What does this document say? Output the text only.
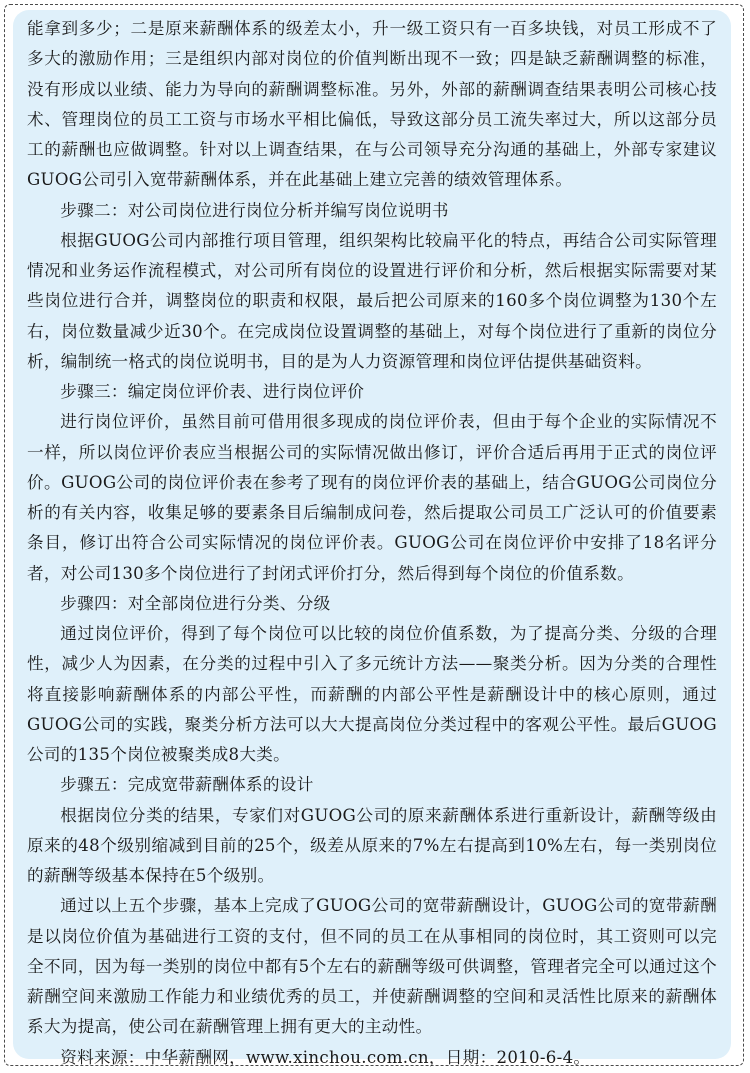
能拿到多少；二是原来薪酬体系的级差太小，升一级工资只有一百多块钱，对员工形成不了多大的激励作用；三是组织内部对岗位的价值判断出现不一致；四是缺乏薪酬调整的标准，没有形成以业绩、能力为导向的薪酬调整标准。另外，外部的薪酬调查结果表明公司核心技术、管理岗位的员工工资与市场水平相比偏低，导致这部分员工流失率过大，所以这部分员工的薪酬也应做调整。针对以上调查结果，在与公司领导充分沟通的基础上，外部专家建议GUOG公司引入宽带薪酬体系，并在此基础上建立完善的绩效管理体系。

步骤二：对公司岗位进行岗位分析并编写岗位说明书

根据GUOG公司内部推行项目管理，组织架构比较扁平化的特点，再结合公司实际管理情况和业务运作流程模式，对公司所有岗位的设置进行评价和分析，然后根据实际需要对某些岗位进行合并，调整岗位的职责和权限，最后把公司原来的160多个岗位调整为130个左右，岗位数量减少近30个。在完成岗位设置调整的基础上，对每个岗位进行了重新的岗位分析，编制统一格式的岗位说明书，目的是为人力资源管理和岗位评估提供基础资料。

步骤三：编定岗位评价表、进行岗位评价

进行岗位评价，虽然目前可借用很多现成的岗位评价表，但由于每个企业的实际情况不一样，所以岗位评价表应当根据公司的实际情况做出修订，评价合适后再用于正式的岗位评价。GUOG公司的岗位评价表在参考了现有的岗位评价表的基础上，结合GUOG公司岗位分析的有关内容，收集足够的要素条目后编制成问卷，然后提取公司员工广泛认可的价值要素条目，修订出符合公司实际情况的岗位评价表。GUOG公司在岗位评价中安排了18名评分者，对公司130多个岗位进行了封闭式评价打分，然后得到每个岗位的价值系数。

步骤四：对全部岗位进行分类、分级

通过岗位评价，得到了每个岗位可以比较的岗位价值系数，为了提高分类、分级的合理性，减少人为因素，在分类的过程中引入了多元统计方法——聚类分析。因为分类的合理性将直接影响薪酬体系的内部公平性，而薪酬的内部公平性是薪酬设计中的核心原则，通过GUOG公司的实践，聚类分析方法可以大大提高岗位分类过程中的客观公平性。最后GUOG公司的135个岗位被聚类成8大类。

步骤五：完成宽带薪酬体系的设计

根据岗位分类的结果，专家们对GUOG公司的原来薪酬体系进行重新设计，薪酬等级由原来的48个级别缩减到目前的25个，级差从原来的7%左右提高到10%左右，每一类别岗位的薪酬等级基本保持在5个级别。

通过以上五个步骤，基本上完成了GUOG公司的宽带薪酬设计，GUOG公司的宽带薪酬是以岗位价值为基础进行工资的支付，但不同的员工在从事相同的岗位时，其工资则可以完全不同，因为每一类别的岗位中都有5个左右的薪酬等级可供调整，管理者完全可以通过这个薪酬空间来激励工作能力和业绩优秀的员工，并使薪酬调整的空间和灵活性比原来的薪酬体系大为提高，使公司在薪酬管理上拥有更大的主动性。

资料来源：中华薪酬网，www.xinchou.com.cn，日期：2010-6-4。
